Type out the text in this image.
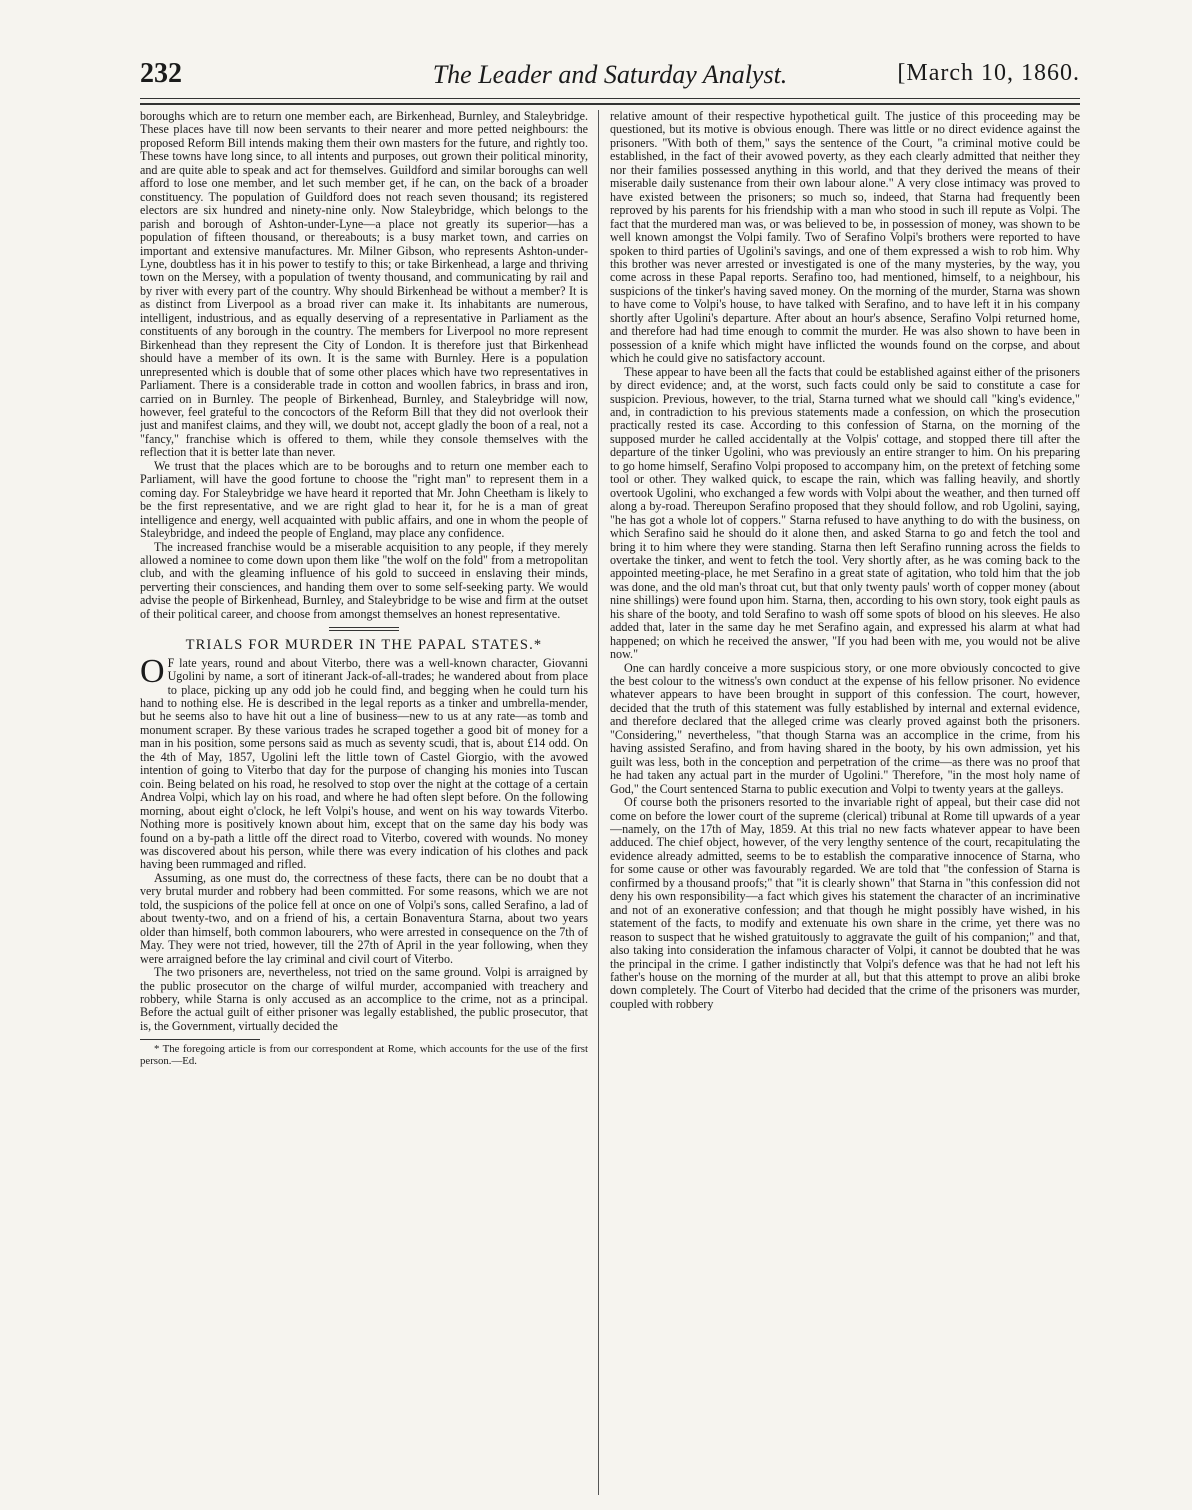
232	The Leader and Saturday Analyst.	[March 10, 1860.

boroughs which are to return one member each, are Birkenhead, Burnley, and Staleybridge. These places have till now been servants to their nearer and more petted neighbours: the proposed Reform Bill intends making them their own masters for the future, and rightly too. These towns have long since, to all intents and purposes, out grown their political minority, and are quite able to speak and act for themselves. Guildford and similar boroughs can well afford to lose one member, and let such member get, if he can, on the back of a broader constituency. The population of Guildford does not reach seven thousand; its registered electors are six hundred and ninety-nine only. Now Staleybridge, which belongs to the parish and borough of Ashton-under-Lyne—a place not greatly its superior—has a population of fifteen thousand, or thereabouts; is a busy market town, and carries on important and extensive manufactures. Mr. Milner Gibson, who represents Ashton-under-Lyne, doubtless has it in his power to testify to this; or take Birkenhead, a large and thriving town on the Mersey, with a population of twenty thousand, and communicating by rail and by river with every part of the country. Why should Birkenhead be without a member? It is as distinct from Liverpool as a broad river can make it. Its inhabitants are numerous, intelligent, industrious, and as equally deserving of a representative in Parliament as the constituents of any borough in the country. The members for Liverpool no more represent Birkenhead than they represent the City of London. It is therefore just that Birkenhead should have a member of its own. It is the same with Burnley. Here is a population unrepresented which is double that of some other places which have two representatives in Parliament. There is a considerable trade in cotton and woollen fabrics, in brass and iron, carried on in Burnley. The people of Birkenhead, Burnley, and Staleybridge will now, however, feel grateful to the concoctors of the Reform Bill that they did not overlook their just and manifest claims, and they will, we doubt not, accept gladly the boon of a real, not a "fancy," franchise which is offered to them, while they console themselves with the reflection that it is better late than never.

We trust that the places which are to be boroughs and to return one member each to Parliament, will have the good fortune to choose the "right man" to represent them in a coming day. For Staleybridge we have heard it reported that Mr. John Cheetham is likely to be the first representative, and we are right glad to hear it, for he is a man of great intelligence and energy, well acquainted with public affairs, and one in whom the people of Staleybridge, and indeed the people of England, may place any confidence.

The increased franchise would be a miserable acquisition to any people, if they merely allowed a nominee to come down upon them like "the wolf on the fold" from a metropolitan club, and with the gleaming influence of his gold to succeed in enslaving their minds, perverting their consciences, and handing them over to some self-seeking party. We would advise the people of Birkenhead, Burnley, and Staleybridge to be wise and firm at the outset of their political career, and choose from amongst themselves an honest representative.

TRIALS FOR MURDER IN THE PAPAL STATES.*

O F late years, round and about Viterbo, there was a well-known character, Giovanni Ugolini by name, a sort of itinerant Jack-of-all-trades; he wandered about from place to place, picking up any odd job he could find, and begging when he could turn his hand to nothing else. He is described in the legal reports as a tinker and umbrella-mender, but he seems also to have hit out a line of business—new to us at any rate—as tomb and monument scraper. By these various trades he scraped together a good bit of money for a man in his position, some persons said as much as seventy scudi, that is, about £14 odd. On the 4th of May, 1857, Ugolini left the little town of Castel Giorgio, with the avowed intention of going to Viterbo that day for the purpose of changing his monies into Tuscan coin. Being belated on his road, he resolved to stop over the night at the cottage of a certain Andrea Volpi, which lay on his road, and where he had often slept before. On the following morning, about eight o'clock, he left Volpi's house, and went on his way towards Viterbo. Nothing more is positively known about him, except that on the same day his body was found on a by-path a little off the direct road to Viterbo, covered with wounds. No money was discovered about his person, while there was every indication of his clothes and pack having been rummaged and rifled.

Assuming, as one must do, the correctness of these facts, there can be no doubt that a very brutal murder and robbery had been committed. For some reasons, which we are not told, the suspicions of the police fell at once on one of Volpi's sons, called Serafino, a lad of about twenty-two, and on a friend of his, a certain Bonaventura Starna, about two years older than himself, both common labourers, who were arrested in consequence on the 7th of May. They were not tried, however, till the 27th of April in the year following, when they were arraigned before the lay criminal and civil court of Viterbo.

The two prisoners are, nevertheless, not tried on the same ground. Volpi is arraigned by the public prosecutor on the charge of wilful murder, accompanied with treachery and robbery, while Starna is only accused as an accomplice to the crime, not as a principal. Before the actual guilt of either prisoner was legally established, the public prosecutor, that is, the Government, virtually decided the

* The foregoing article is from our correspondent at Rome, which accounts for the use of the first person.—Ed.

relative amount of their respective hypothetical guilt. The justice of this proceeding may be questioned, but its motive is obvious enough. There was little or no direct evidence against the prisoners. "With both of them," says the sentence of the Court, "a criminal motive could be established, in the fact of their avowed poverty, as they each clearly admitted that neither they nor their families possessed anything in this world, and that they derived the means of their miserable daily sustenance from their own labour alone." A very close intimacy was proved to have existed between the prisoners; so much so, indeed, that Starna had frequently been reproved by his parents for his friendship with a man who stood in such ill repute as Volpi. The fact that the murdered man was, or was believed to be, in possession of money, was shown to be well known amongst the Volpi family. Two of Serafino Volpi's brothers were reported to have spoken to third parties of Ugolini's savings, and one of them expressed a wish to rob him. Why this brother was never arrested or investigated is one of the many mysteries, by the way, you come across in these Papal reports. Serafino too, had mentioned, himself, to a neighbour, his suspicions of the tinker's having saved money. On the morning of the murder, Starna was shown to have come to Volpi's house, to have talked with Serafino, and to have left it in his company shortly after Ugolini's departure. After about an hour's absence, Serafino Volpi returned home, and therefore had had time enough to commit the murder. He was also shown to have been in possession of a knife which might have inflicted the wounds found on the corpse, and about which he could give no satisfactory account.

These appear to have been all the facts that could be established against either of the prisoners by direct evidence; and, at the worst, such facts could only be said to constitute a case for suspicion. Previous, however, to the trial, Starna turned what we should call "king's evidence," and, in contradiction to his previous statements made a confession, on which the prosecution practically rested its case. According to this confession of Starna, on the morning of the supposed murder he called accidentally at the Volpis' cottage, and stopped there till after the departure of the tinker Ugolini, who was previously an entire stranger to him. On his preparing to go home himself, Serafino Volpi proposed to accompany him, on the pretext of fetching some tool or other. They walked quick, to escape the rain, which was falling heavily, and shortly overtook Ugolini, who exchanged a few words with Volpi about the weather, and then turned off along a by-road. Thereupon Serafino proposed that they should follow, and rob Ugolini, saying, "he has got a whole lot of coppers." Starna refused to have anything to do with the business, on which Serafino said he should do it alone then, and asked Starna to go and fetch the tool and bring it to him where they were standing. Starna then left Serafino running across the fields to overtake the tinker, and went to fetch the tool. Very shortly after, as he was coming back to the appointed meeting-place, he met Serafino in a great state of agitation, who told him that the job was done, and the old man's throat cut, but that only twenty pauls' worth of copper money (about nine shillings) were found upon him. Starna, then, according to his own story, took eight pauls as his share of the booty, and told Serafino to wash off some spots of blood on his sleeves. He also added that, later in the same day he met Serafino again, and expressed his alarm at what had happened; on which he received the answer, "If you had been with me, you would not be alive now."

One can hardly conceive a more suspicious story, or one more obviously concocted to give the best colour to the witness's own conduct at the expense of his fellow prisoner. No evidence whatever appears to have been brought in support of this confession. The court, however, decided that the truth of this statement was fully established by internal and external evidence, and therefore declared that the alleged crime was clearly proved against both the prisoners. "Considering," nevertheless, "that though Starna was an accomplice in the crime, from his having assisted Serafino, and from having shared in the booty, by his own admission, yet his guilt was less, both in the conception and perpetration of the crime—as there was no proof that he had taken any actual part in the murder of Ugolini." Therefore, "in the most holy name of God," the Court sentenced Starna to public execution and Volpi to twenty years at the galleys.

Of course both the prisoners resorted to the invariable right of appeal, but their case did not come on before the lower court of the supreme (clerical) tribunal at Rome till upwards of a year—namely, on the 17th of May, 1859. At this trial no new facts whatever appear to have been adduced. The chief object, however, of the very lengthy sentence of the court, recapitulating the evidence already admitted, seems to be to establish the comparative innocence of Starna, who for some cause or other was favourably regarded. We are told that "the confession of Starna is confirmed by a thousand proofs;" that "it is clearly shown" that Starna in "this confession did not deny his own responsibility—a fact which gives his statement the character of an incriminative and not of an exonerative confession; and that though he might possibly have wished, in his statement of the facts, to modify and extenuate his own share in the crime, yet there was no reason to suspect that he wished gratuitously to aggravate the guilt of his companion;" and that, also taking into consideration the infamous character of Volpi, it cannot be doubted that he was the principal in the crime. I gather indistinctly that Volpi's defence was that he had not left his father's house on the morning of the murder at all, but that this attempt to prove an alibi broke down completely. The Court of Viterbo had decided that the crime of the prisoners was murder, coupled with robbery
